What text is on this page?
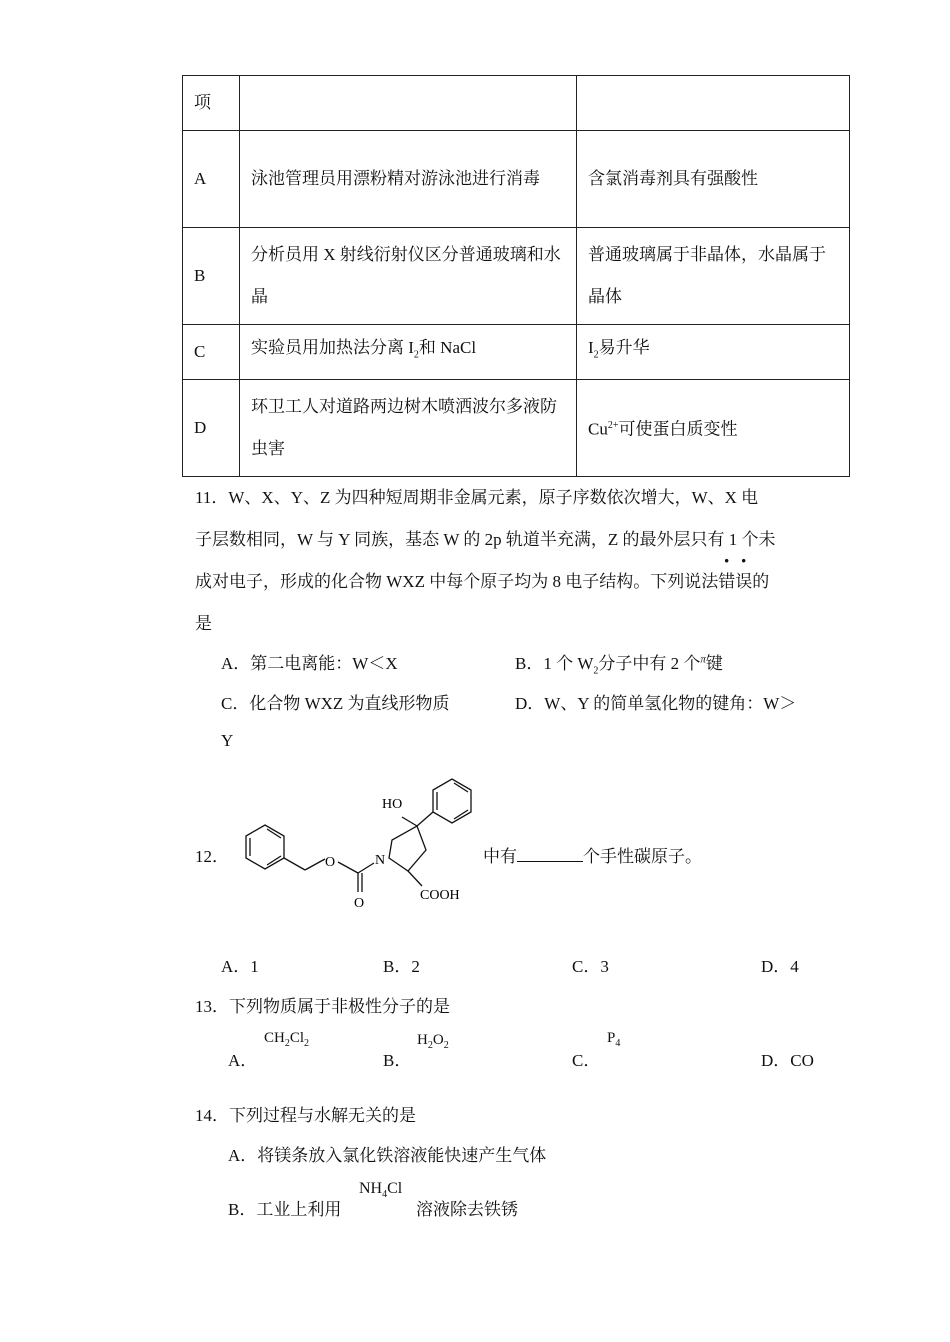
项		
A	泳池管理员用漂粉精对游泳池进行消毒	含氯消毒剂具有强酸性
B	分析员用 X 射线衍射仪区分普通玻璃和水晶	普通玻璃属于非晶体，水晶属于晶体
C	实验员用加热法分离 $I_2$和 NaCl	$I_2$易升华
D	环卫工人对道路两边树木喷洒波尔多液防虫害	$Cu^{2+}$可使蛋白质变性
11．W、X、Y、Z 为四种短周期非金属元素，原子序数依次增大，W、X 电
子层数相同，W 与 Y 同族，基态 W 的 2p 轨道半充满，Z 的最外层只有 1 个未
成对电子，形成的化合物 WXZ 中每个原子均为 8 电子结构。下列说法错误的
是
A．第二电离能：W＜X	B．1 个 $W_2$分子中有 2 个$^\pi$键
C．化合物 WXZ 为直线形物质	D．W、Y 的简单氢化物的键角：W＞
Y
12．
HO
O	N
O
COOH
中有	个手性碳原子。
A．1	B．2	C．3	D．4
13．下列物质属于非极性分子的是
A．
$CH_2Cl_2$
B．
$H_2O_2$
C．
$P_4$
D．CO
14．下列过程与水解无关的是
A．将镁条放入氯化铁溶液能快速产生气体
B．工业上利用
$NH_4Cl$
溶液除去铁锈
